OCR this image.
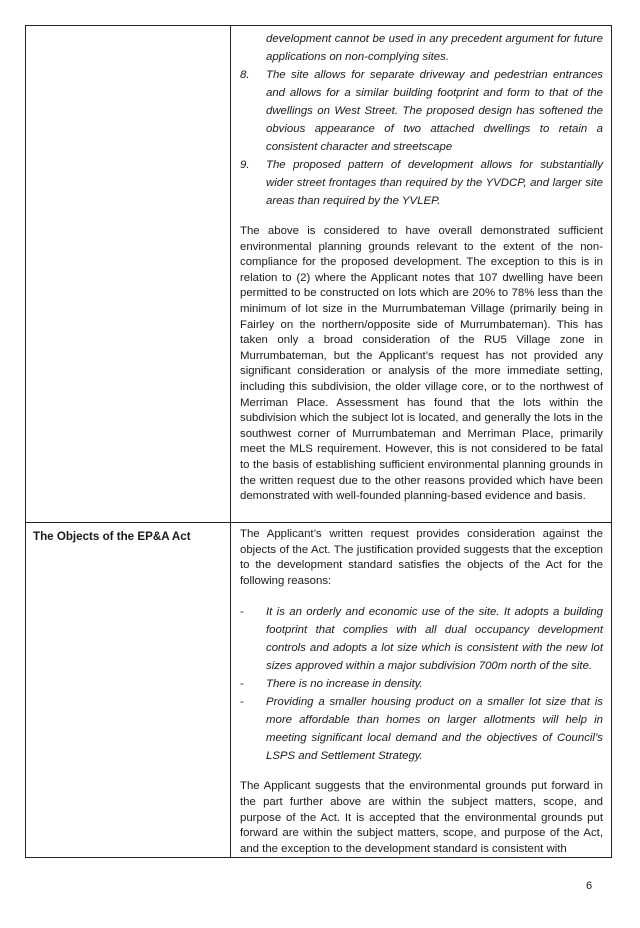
development cannot be used in any precedent argument for future applications on non-complying sites.
8.	The site allows for separate driveway and pedestrian entrances and allows for a similar building footprint and form to that of the dwellings on West Street. The proposed design has softened the obvious appearance of two attached dwellings to retain a consistent character and streetscape
9.	The proposed pattern of development allows for substantially wider street frontages than required by the YVDCP, and larger site areas than required by the YVLEP.

The above is considered to have overall demonstrated sufficient environmental planning grounds relevant to the extent of the non-compliance for the proposed development. The exception to this is in relation to (2) where the Applicant notes that 107 dwelling have been permitted to be constructed on lots which are 20% to 78% less than the minimum of lot size in the Murrumbateman Village (primarily being in Fairley on the northern/opposite side of Murrumbateman). This has taken only a broad consideration of the RU5 Village zone in Murrumbateman, but the Applicant’s request has not provided any significant consideration or analysis of the more immediate setting, including this subdivision, the older village core, or to the northwest of Merriman Place. Assessment has found that the lots within the subdivision which the subject lot is located, and generally the lots in the southwest corner of Murrumbateman and Merriman Place, primarily meet the MLS requirement. However, this is not considered to be fatal to the basis of establishing sufficient environmental planning grounds in the written request due to the other reasons provided which have been demonstrated with well-founded planning-based evidence and basis.

The Objects of the EP&A Act	The Applicant’s written request provides consideration against the objects of the Act. The justification provided suggests that the exception to the development standard satisfies the objects of the Act for the following reasons:

-	It is an orderly and economic use of the site. It adopts a building footprint that complies with all dual occupancy development controls and adopts a lot size which is consistent with the new lot sizes approved within a major subdivision 700m north of the site.
-	There is no increase in density.
-	Providing a smaller housing product on a smaller lot size that is more affordable than homes on larger allotments will help in meeting significant local demand and the objectives of Council’s LSPS and Settlement Strategy.

The Applicant suggests that the environmental grounds put forward in the part further above are within the subject matters, scope, and purpose of the Act. It is accepted that the environmental grounds put forward are within the subject matters, scope, and purpose of the Act, and the exception to the development standard is consistent with

6
